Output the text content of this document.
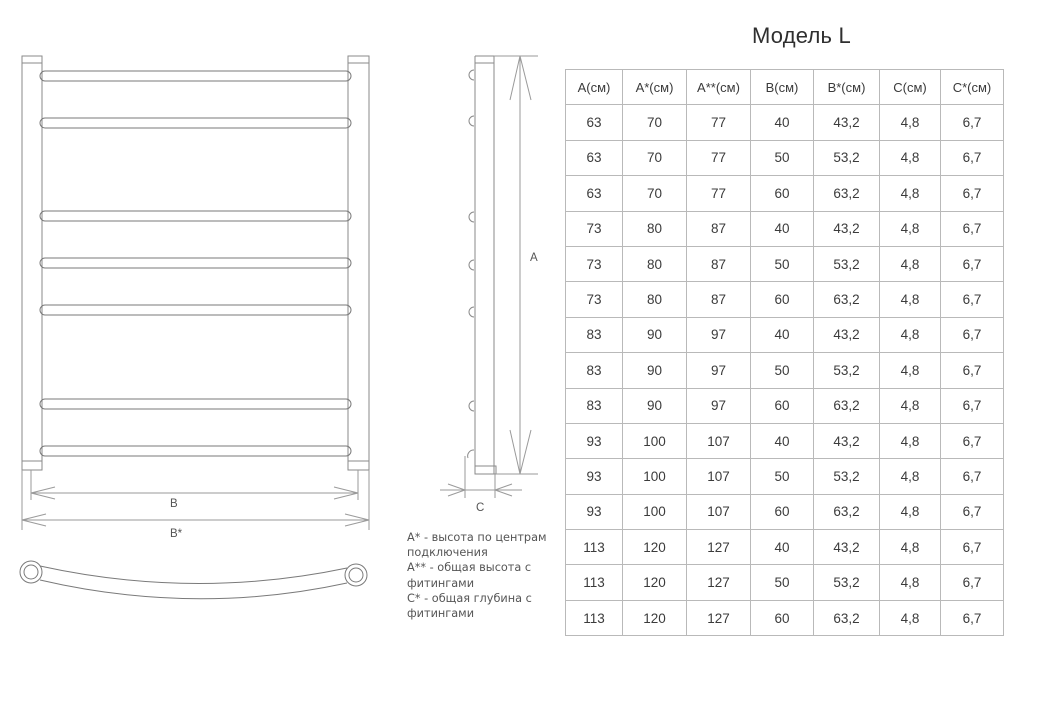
B
B*
A
C
Модель L
A* - высота по центрам подключения
A** - общая высота с фитингами
C* - общая глубина с фитингами
A(см)	A*(см)	A**(см)	B(см)	B*(см)	C(см)	C*(см)
63	70	77	40	43,2	4,8	6,7
63	70	77	50	53,2	4,8	6,7
63	70	77	60	63,2	4,8	6,7
73	80	87	40	43,2	4,8	6,7
73	80	87	50	53,2	4,8	6,7
73	80	87	60	63,2	4,8	6,7
83	90	97	40	43,2	4,8	6,7
83	90	97	50	53,2	4,8	6,7
83	90	97	60	63,2	4,8	6,7
93	100	107	40	43,2	4,8	6,7
93	100	107	50	53,2	4,8	6,7
93	100	107	60	63,2	4,8	6,7
113	120	127	40	43,2	4,8	6,7
113	120	127	50	53,2	4,8	6,7
113	120	127	60	63,2	4,8	6,7
